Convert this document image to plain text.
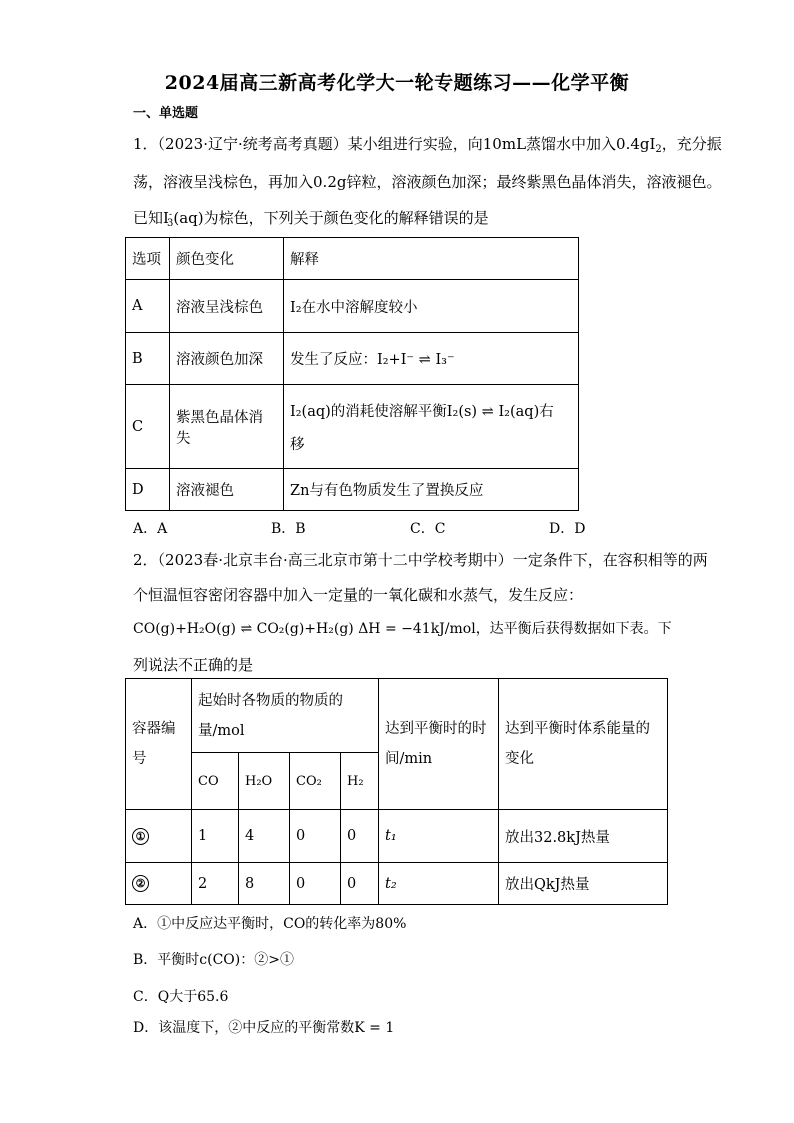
2024届高三新高考化学大一轮专题练习——化学平衡
一、单选题
1．（2023·辽宁·统考高考真题）某小组进行实验，向10mL蒸馏水中加入$0.4gI_2$，充分振
荡，溶液呈浅棕色，再加入0.2g锌粒，溶液颜色加深；最终紫黑色晶体消失，溶液褪色。
已知$I^-_3(aq)$为棕色，下列关于颜色变化的解释错误的是
选项	颜色变化	解释
A	溶液呈浅棕色	I₂在水中溶解度较小
B	溶液颜色加深	发生了反应：I₂+I⁻ ⇌ I₃⁻
C	紫黑色晶体消失	I₂(aq)的消耗使溶解平衡I₂(s) ⇌ I₂(aq)右
移

D	溶液褪色	Zn与有色物质发生了置换反应
A．A	B．B	C．C	D．D
2．（2023春·北京丰台·高三北京市第十二中学校考期中）一定条件下，在容积相等的两
个恒温恒容密闭容器中加入一定量的一氧化碳和水蒸气，发生反应：
CO(g)+H₂O(g) ⇌ CO₂(g)+H₂(g) ΔH = −41kJ/mol，达平衡后获得数据如下表。下
列说法不正确的是
容器编号	起始时各物质的物质的量/mol				达到平衡时的时间/min	达到平衡时体系能量的变化
	CO	H₂O	CO₂	H₂		
①	1	4	0	0	t₁	放出32.8kJ热量
②	2	8	0	0	t₂	放出QkJ热量
A．①中反应达平衡时，CO的转化率为80%
B．平衡时c(CO)：②>①
C．Q大于65.6
D．该温度下，②中反应的平衡常数K = 1
